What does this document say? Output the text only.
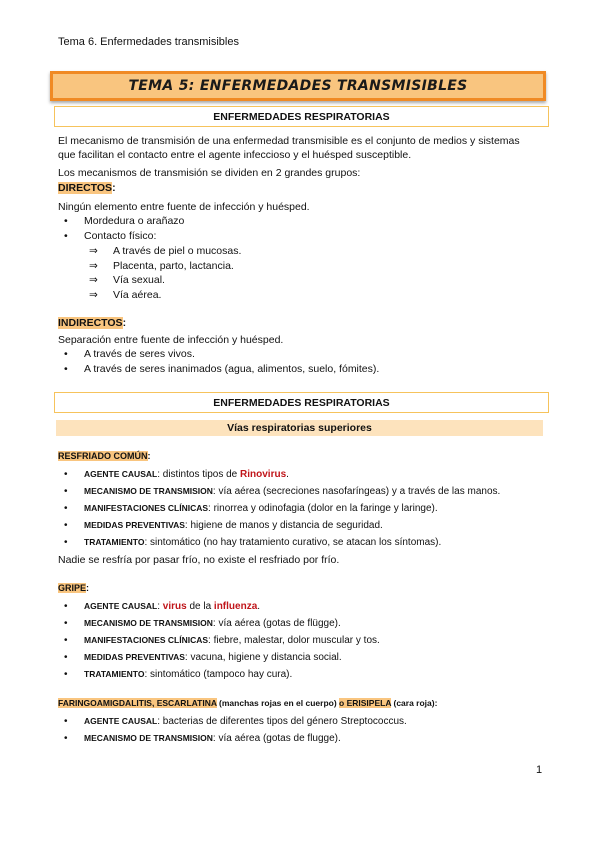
Tema 6. Enfermedades transmisibles
TEMA 5: ENFERMEDADES TRANSMISIBLES
ENFERMEDADES RESPIRATORIAS
El mecanismo de transmisión de una enfermedad transmisible es el conjunto de medios y sistemas
que facilitan el contacto entre el agente infeccioso y el huésped susceptible.
Los mecanismos de transmisión se dividen en 2 grandes grupos:
DIRECTOS:
Ningún elemento entre fuente de infección y huésped.
• Mordedura o arañazo
• Contacto físico:
⇒ A través de piel o mucosas.
⇒ Placenta, parto, lactancia.
⇒ Vía sexual.
⇒ Vía aérea.
INDIRECTOS:
Separación entre fuente de infección y huésped.
• A través de seres vivos.
• A través de seres inanimados (agua, alimentos, suelo, fómites).
ENFERMEDADES RESPIRATORIAS
Vías respiratorias superiores
RESFRIADO COMÚN:
• AGENTE CAUSAL: distintos tipos de Rinovirus.
• MECANISMO DE TRANSMISION: vía aérea (secreciones nasofaríngeas) y a través de las manos.
• MANIFESTACIONES CLÍNICAS: rinorrea y odinofagia (dolor en la faringe y laringe).
• MEDIDAS PREVENTIVAS: higiene de manos y distancia de seguridad.
• TRATAMIENTO: sintomático (no hay tratamiento curativo, se atacan los síntomas).
Nadie se resfría por pasar frío, no existe el resfriado por frío.
GRIPE:
• AGENTE CAUSAL: virus de la influenza.
• MECANISMO DE TRANSMISION: vía aérea (gotas de flügge).
• MANIFESTACIONES CLÍNICAS: fiebre, malestar, dolor muscular y tos.
• MEDIDAS PREVENTIVAS: vacuna, higiene y distancia social.
• TRATAMIENTO: sintomático (tampoco hay cura).
FARINGOAMIGDALITIS, ESCARLATINA (manchas rojas en el cuerpo) o ERISIPELA (cara roja):
• AGENTE CAUSAL: bacterias de diferentes tipos del género Streptococcus.
• MECANISMO DE TRANSMISION: vía aérea (gotas de flugge).
1
